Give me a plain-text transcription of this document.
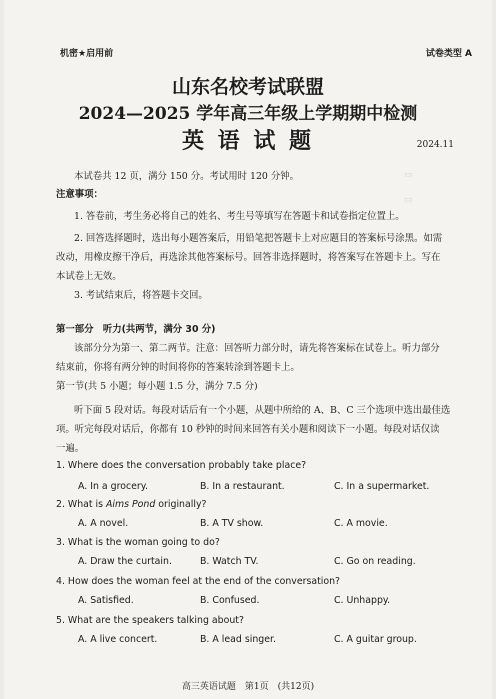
机密★启用前	试卷类型 A
▭
▭
山东名校考试联盟
2024—2025 学年高三年级上学期期中检测
英 语 试 题	2024.11
本试卷共 12 页，满分 150 分。考试用时 120 分钟。
注意事项：
1. 答卷前，考生务必将自己的姓名、考生号等填写在答题卡和试卷指定位置上。
2. 回答选择题时，选出每小题答案后，用铅笔把答题卡上对应题目的答案标号涂黑。如需
改动，用橡皮擦干净后，再选涂其他答案标号。回答非选择题时，将答案写在答题卡上。写在
本试卷上无效。
3. 考试结束后，将答题卡交回。
第一部分　听力(共两节，满分 30 分)
该部分分为第一、第二两节。注意：回答听力部分时，请先将答案标在试卷上。听力部分
结束前，你将有两分钟的时间将你的答案转涂到答题卡上。
第一节(共 5 小题；每小题 1.5 分，满分 7.5 分)
听下面 5 段对话。每段对话后有一个小题，从题中所给的 A、B、C 三个选项中选出最佳选
项。听完每段对话后，你都有 10 秒钟的时间来回答有关小题和阅读下一小题。每段对话仅读
一遍。
1. Where does the conversation probably take place?
A. In a grocery.	B. In a restaurant.	C. In a supermarket.
2. What is Aims Pond originally?
A. A novel.	B. A TV show.	C. A movie.
3. What is the woman going to do?
A. Draw the curtain.	B. Watch TV.	C. Go on reading.
4. How does the woman feel at the end of the conversation?
A. Satisfied.	B. Confused.	C. Unhappy.
5. What are the speakers talking about?
A. A live concert.	B. A lead singer.	C. A guitar group.
高三英语试题　第1页　(共12页)
